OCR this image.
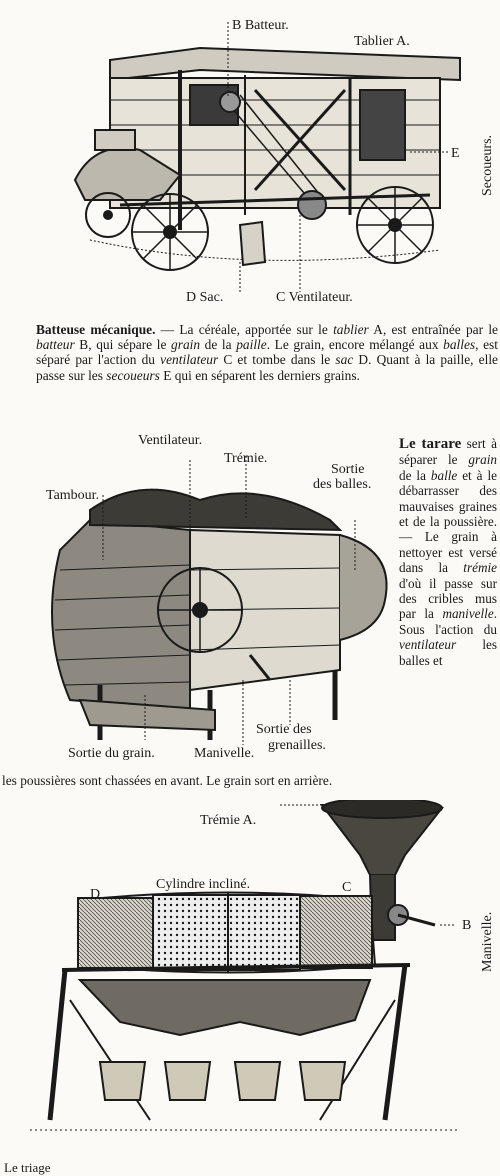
B Batteur.
Tablier A.
E Secoueurs.
D Sac.	C Ventilateur.
Batteuse mécanique. — La céréale, apportée sur le tablier A, est entraînée par le batteur B, qui sépare le grain de la paille. Le grain, encore mélangé aux balles, est séparé par l'action du ventilateur C et tombe dans le sac D. Quant à la paille, elle passe sur les secoueurs E qui en séparent les derniers grains.
Ventilateur.
Tambour.
Trémie.
Sortie
des balles.
Sortie du grain.	Manivelle.
Sortie des
grenailles.
Le tarare sert à séparer le grain de la balle et à le débarrasser des mauvaises graines et de la poussière. — Le grain à nettoyer est versé dans la trémie d'où il passe sur des cribles mus par la manivelle. Sous l'action du ventilateur les balles et
les poussières sont chassées en avant. Le grain sort en arrière.
Trémie A.
Cylindre incliné.
D	C
B Manivelle.
Le triage
